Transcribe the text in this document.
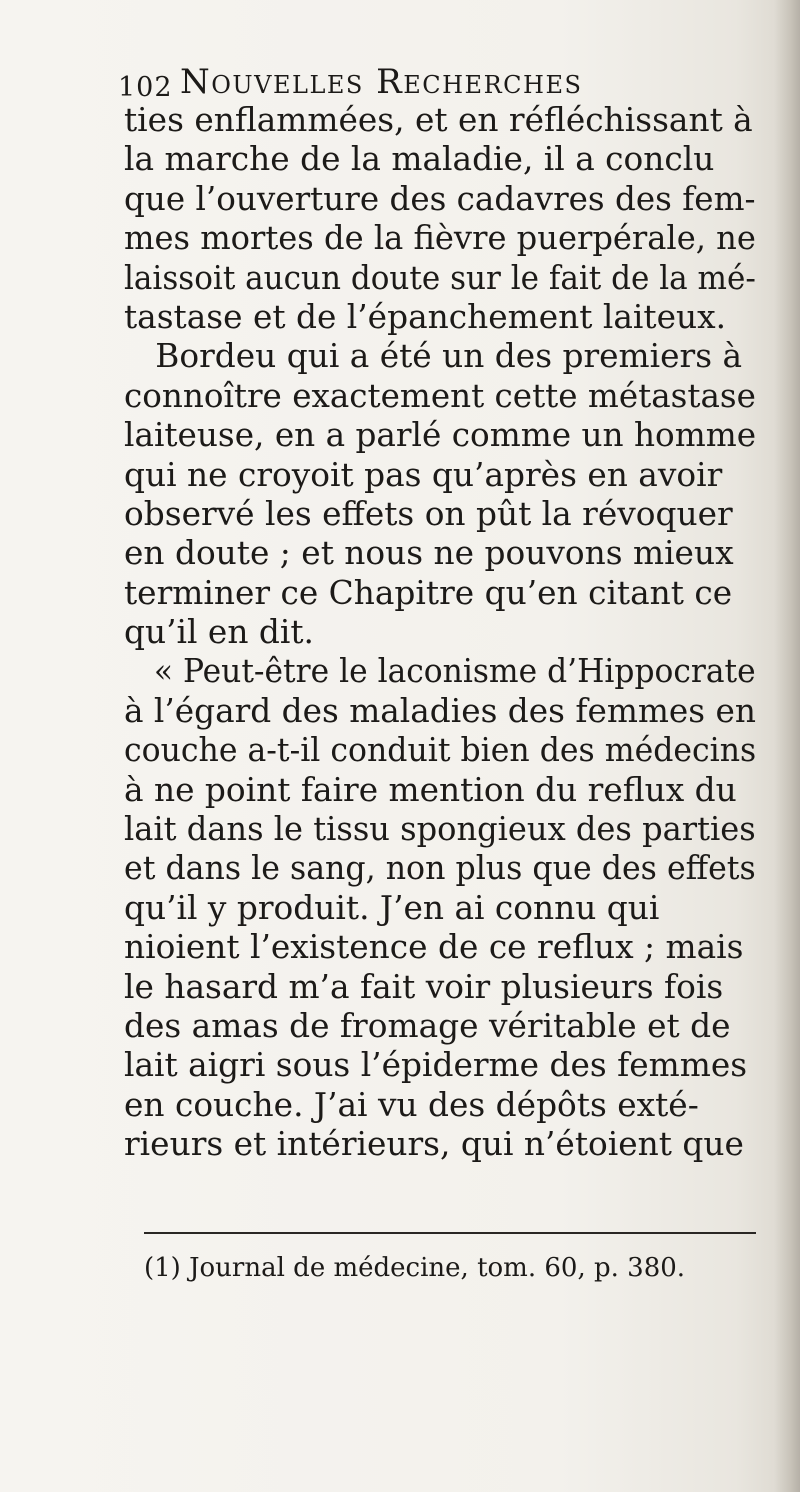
102 Nouvelles Recherches
ties enflammées, et en réfléchissant à
la marche de la maladie, il a conclu
que l’ouverture des cadavres des fem-
mes mortes de la fièvre puerpérale, ne
laissoit aucun doute sur le fait de la mé-
tastase et de l’épanchement laiteux.
Bordeu qui a été un des premiers à
connoître exactement cette métastase
laiteuse, en a parlé comme un homme
qui ne croyoit pas qu’après en avoir
observé les effets on pût la révoquer
en doute ; et nous ne pouvons mieux
terminer ce Chapitre qu’en citant ce
qu’il en dit.
« Peut-être le laconisme d’Hippocrate
à l’égard des maladies des femmes en
couche a-t-il conduit bien des médecins
à ne point faire mention du reflux du
lait dans le tissu spongieux des parties
et dans le sang, non plus que des effets
qu’il y produit. J’en ai connu qui
nioient l’existence de ce reflux ; mais
le hasard m’a fait voir plusieurs fois
des amas de fromage véritable et de
lait aigri sous l’épiderme des femmes
en couche. J’ai vu des dépôts exté-
rieurs et intérieurs, qui n’étoient que
(1) Journal de médecine, tom. 60, p. 380.
